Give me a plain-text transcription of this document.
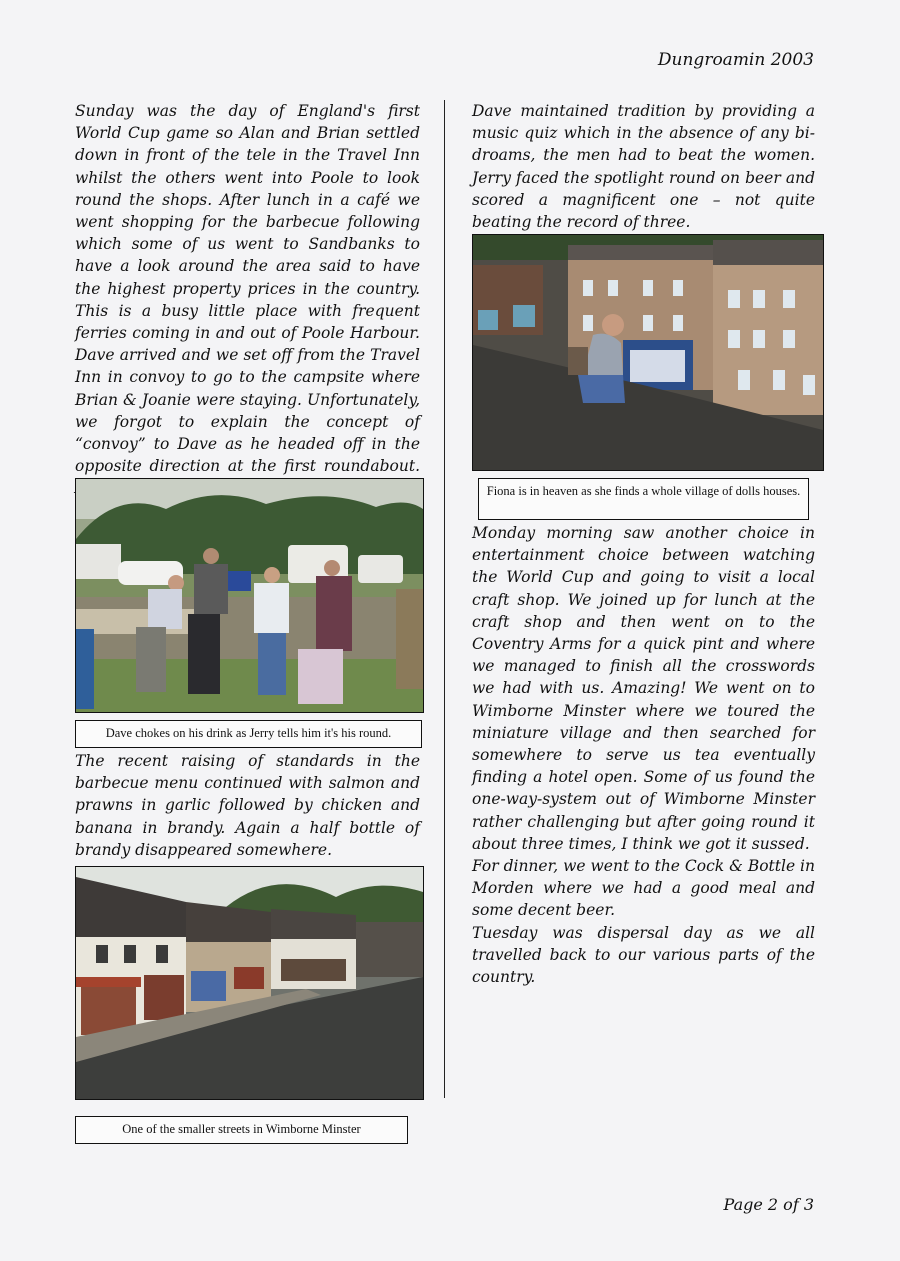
Dungroamin 2003

Sunday was the day of England's first World Cup game so Alan and Brian settled down in front of the tele in the Travel Inn whilst the others went into Poole to look round the shops. After lunch in a café we went shopping for the barbecue following which some of us went to Sandbanks to have a look around the area said to have the highest property prices in the country. This is a busy little place with frequent ferries coming in and out of Poole Harbour. Dave arrived and we set off from the Travel Inn in convoy to go to the campsite where Brian & Joanie were staying. Unfortunately, we forgot to explain the concept of “convoy” to Dave as he headed off in the opposite direction at the first roundabout.

Dave chokes on his drink as Jerry tells him it's his round.

The recent raising of standards in the barbecue menu continued with salmon and prawns in garlic followed by chicken and banana in brandy. Again a half bottle of brandy disappeared somewhere.

One of the smaller streets in Wimborne Minster

Dave maintained tradition by providing a music quiz which in the absence of any bi-droams, the men had to beat the women. Jerry faced the spotlight round on beer and scored a magnificent one – not quite beating the record of three.

Fiona is in heaven as she finds a whole village of dolls houses.

Monday morning saw another choice in entertainment choice between watching the World Cup and going to visit a local craft shop. We joined up for lunch at the craft shop and then went on to the Coventry Arms for a quick pint and where we managed to finish all the crosswords we had with us. Amazing! We went on to Wimborne Minster where we toured the miniature village and then searched for somewhere to serve us tea eventually finding a hotel open. Some of us found the one-way-system out of Wimborne Minster rather challenging but after going round it about three times, I think we got it sussed.

For dinner, we went to the Cock & Bottle in Morden where we had a good meal and some decent beer.

Tuesday was dispersal day as we all travelled back to our various parts of the country.

Page 2 of 3
